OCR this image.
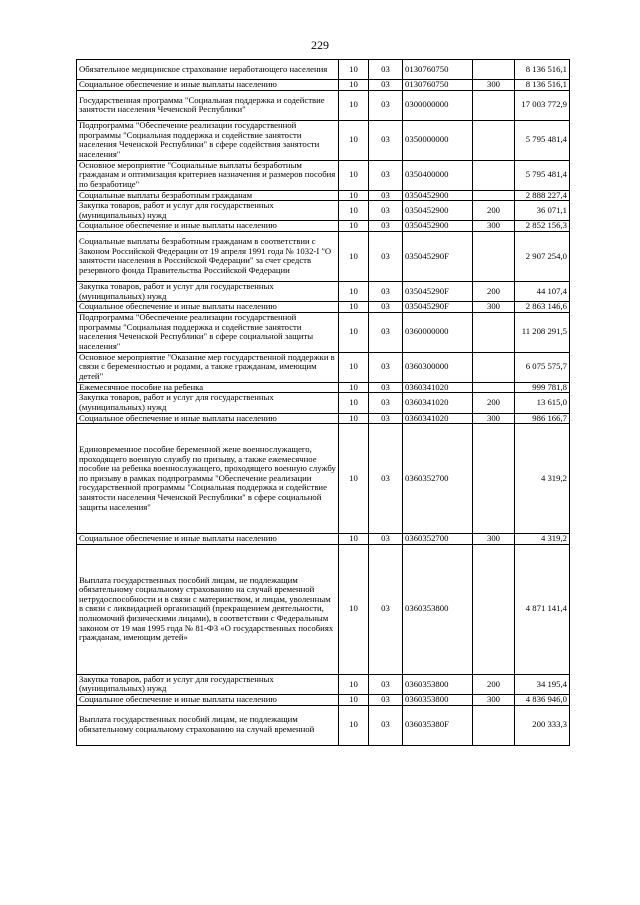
229
Обязательное медицинское страхование неработающего населения	10	03	0130760750		8 136 516,1
Социальное обеспечение и иные выплаты населению	10	03	0130760750	300	8 136 516,1
Государственная программа "Социальная поддержка и содействие занятости населения Чеченской Республики"	10	03	0300000000		17 003 772,9
Подпрограмма "Обеспечение реализации государственной программы "Социальная поддержка и содействие занятости населения Чеченской Республики" в сфере содействия занятости населения"	10	03	0350000000		5 795 481,4
Основное мероприятие "Социальные выплаты безработным гражданам и оптимизация критериев назначения и размеров пособия по безработице"	10	03	0350400000		5 795 481,4
Социальные выплаты безработным гражданам	10	03	0350452900		2 888 227,4
Закупка товаров, работ и услуг для государственных (муниципальных) нужд	10	03	0350452900	200	36 071,1
Социальное обеспечение и иные выплаты населению	10	03	0350452900	300	2 852 156,3
Социальные выплаты безработным гражданам в соответствии с Законом Российской Федерации от 19 апреля 1991 года № 1032-I "О занятости населения в Российской Федерации" за счет средств резервного фонда Правительства Российской Федерации	10	03	035045290F		2 907 254,0
Закупка товаров, работ и услуг для государственных (муниципальных) нужд	10	03	035045290F	200	44 107,4
Социальное обеспечение и иные выплаты населению	10	03	035045290F	300	2 863 146,6
Подпрограмма "Обеспечение реализации государственной программы "Социальная поддержка и содействие занятости населения Чеченской Республики" в сфере социальной защиты населения"	10	03	0360000000		11 208 291,5
Основное мероприятие "Оказание мер государственной поддержки в связи с беременностью и родами, а также гражданам, имеющим детей"	10	03	0360300000		6 075 575,7
Ежемесячное пособие на ребенка	10	03	0360341020		999 781,8
Закупка товаров, работ и услуг для государственных (муниципальных) нужд	10	03	0360341020	200	13 615,0
Социальное обеспечение и иные выплаты населению	10	03	0360341020	300	986 166,7
Единовременное пособие беременной жене военнослужащего, проходящего военную службу по призыву, а также ежемесячное пособие на ребенка военнослужащего, проходящего военную службу по призыву в рамках подпрограммы "Обеспечение реализации государственной программы "Социальная поддержка и содействие занятости населения Чеченской Республики" в сфере социальной защиты населения"	10	03	0360352700		4 319,2
Социальное обеспечение и иные выплаты населению	10	03	0360352700	300	4 319,2
Выплата государственных пособий лицам, не подлежащим обязательному социальному страхованию на случай временной нетрудоспособности и в связи с материнством, и лицам, уволенным в связи с ликвидацией организаций (прекращением деятельности, полномочий физическими лицами), в соответствии с Федеральным законом от 19 мая 1995 года № 81-ФЗ «О государственных пособиях гражданам, имеющим детей»	10	03	0360353800		4 871 141,4
Закупка товаров, работ и услуг для государственных (муниципальных) нужд	10	03	0360353800	200	34 195,4
Социальное обеспечение и иные выплаты населению	10	03	0360353800	300	4 836 946,0
Выплата государственных пособий лицам, не подлежащим обязательному социальному страхованию на случай временной	10	03	036035380F		200 333,3
